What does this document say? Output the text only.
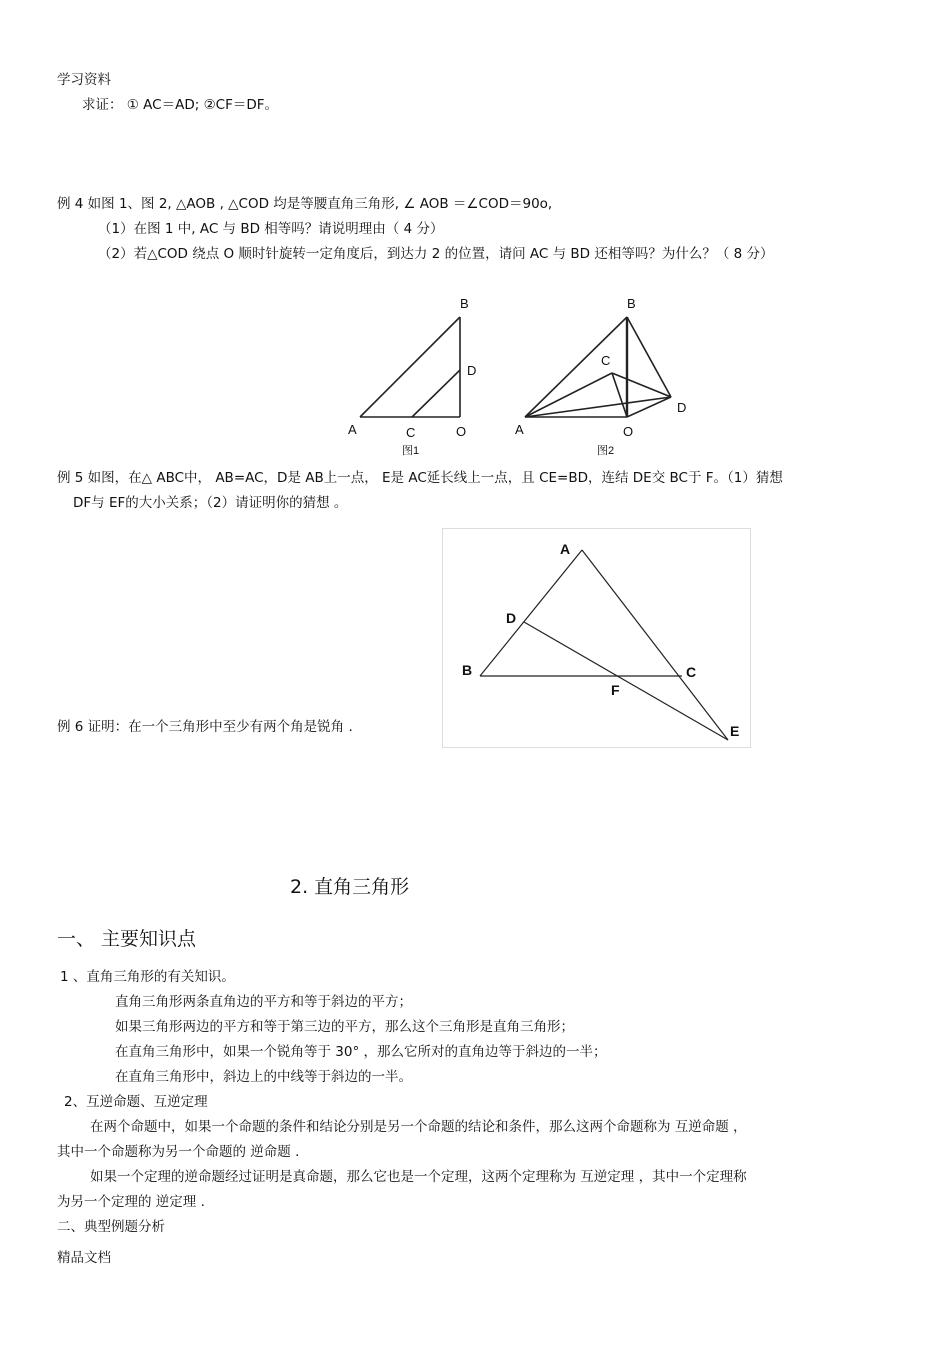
学习资料
求证： ① AC＝AD; ②CF＝DF。
例 4 如图 1、图 2, △AOB , △COD 均是等腰直角三角形, ∠ AOB ＝∠COD＝90o,
（1）在图 1 中, AC 与 BD 相等吗？请说明理由（ 4 分）
（2）若△COD 绕点 O 顺时针旋转一定角度后，到达力 2 的位置，请问 AC 与 BD 还相等吗？为什么？（ 8 分）
B
D
A	C	O
图1
B
C
D
A	O
图2
例 5 如图，在△ ABC中， AB=AC，D是 AB上一点， E是 AC延长线上一点，且 CE=BD，连结 DE交 BC于 F。（1）猜想
DF与 EF的大小关系；（2）请证明你的猜想 。
A
D
B	C
F
E
例 6 证明：在一个三角形中至少有两个角是锐角 .
2. 直角三角形
一、 主要知识点
1 、直角三角形的有关知识。
直角三角形两条直角边的平方和等于斜边的平方；
如果三角形两边的平方和等于第三边的平方，那么这个三角形是直角三角形；
在直角三角形中，如果一个锐角等于 30° ，那么它所对的直角边等于斜边的一半；
在直角三角形中，斜边上的中线等于斜边的一半。
2、互逆命题、互逆定理
在两个命题中，如果一个命题的条件和结论分别是另一个命题的结论和条件，那么这两个命题称为 互逆命题 ，
其中一个命题称为另一个命题的 逆命题 .
如果一个定理的逆命题经过证明是真命题，那么它也是一个定理，这两个定理称为 互逆定理 ，其中一个定理称
为另一个定理的 逆定理 .
二、典型例题分析
精品文档
